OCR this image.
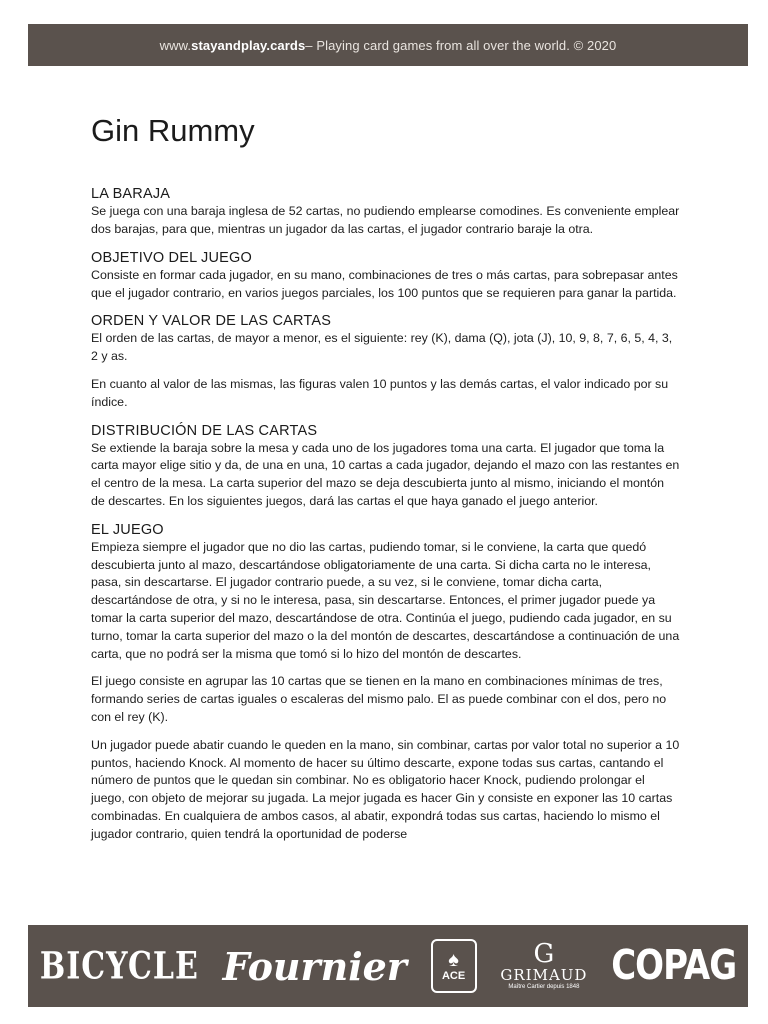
www. stayandplay.cards – Playing card games from all over the world. © 2020
Gin Rummy
LA BARAJA

Se juega con una baraja inglesa de 52 cartas, no pudiendo emplearse comodines. Es conveniente emplear dos barajas, para que, mientras un jugador da las cartas, el jugador contrario baraje la otra.

OBJETIVO DEL JUEGO

Consiste en formar cada jugador, en su mano, combinaciones de tres o más cartas, para sobrepasar antes que el jugador contrario, en varios juegos parciales, los 100 puntos que se requieren para ganar la partida.

ORDEN Y VALOR DE LAS CARTAS

El orden de las cartas, de mayor a menor, es el siguiente: rey (K), dama (Q), jota (J), 10, 9, 8, 7, 6, 5, 4, 3, 2 y as.

En cuanto al valor de las mismas, las figuras valen 10 puntos y las demás cartas, el valor indicado por su índice.

DISTRIBUCIÓN DE LAS CARTAS

Se extiende la baraja sobre la mesa y cada uno de los jugadores toma una carta. El jugador que toma la carta mayor elige sitio y da, de una en una, 10 cartas a cada jugador, dejando el mazo con las restantes en el centro de la mesa. La carta superior del mazo se deja descubierta junto al mismo, iniciando el montón de descartes. En los siguientes juegos, dará las cartas el que haya ganado el juego anterior.

EL JUEGO

Empieza siempre el jugador que no dio las cartas, pudiendo tomar, si le conviene, la carta que quedó descubierta junto al mazo, descartándose obligatoriamente de una carta. Si dicha carta no le interesa, pasa, sin descartarse. El jugador contrario puede, a su vez, si le conviene, tomar dicha carta, descartándose de otra, y si no le interesa, pasa, sin descartarse. Entonces, el primer jugador puede ya tomar la carta superior del mazo, descartándose de otra. Continúa el juego, pudiendo cada jugador, en su turno, tomar la carta superior del mazo o la del montón de descartes, descartándose a continuación de una carta, que no podrá ser la misma que tomó si lo hizo del montón de descartes.

El juego consiste en agrupar las 10 cartas que se tienen en la mano en combinaciones mínimas de tres, formando series de cartas iguales o escaleras del mismo palo. El as puede combinar con el dos, pero no con el rey (K).

Un jugador puede abatir cuando le queden en la mano, sin combinar, cartas por valor total no superior a 10 puntos, haciendo Knock. Al momento de hacer su último descarte, expone todas sus cartas, cantando el número de puntos que le quedan sin combinar. No es obligatorio hacer Knock, pudiendo prolongar el juego, con objeto de mejorar su jugada. La mejor jugada es hacer Gin y consiste en exponer las 10 cartas combinadas. En cualquiera de ambos casos, al abatir, expondrá todas sus cartas, haciendo lo mismo el jugador contrario, quien tendrá la oportunidad de poderse

BICYCLE Fournier ♠
ACE
G
GRIMAUD
Maître Cartier depuis 1848 COPAG
